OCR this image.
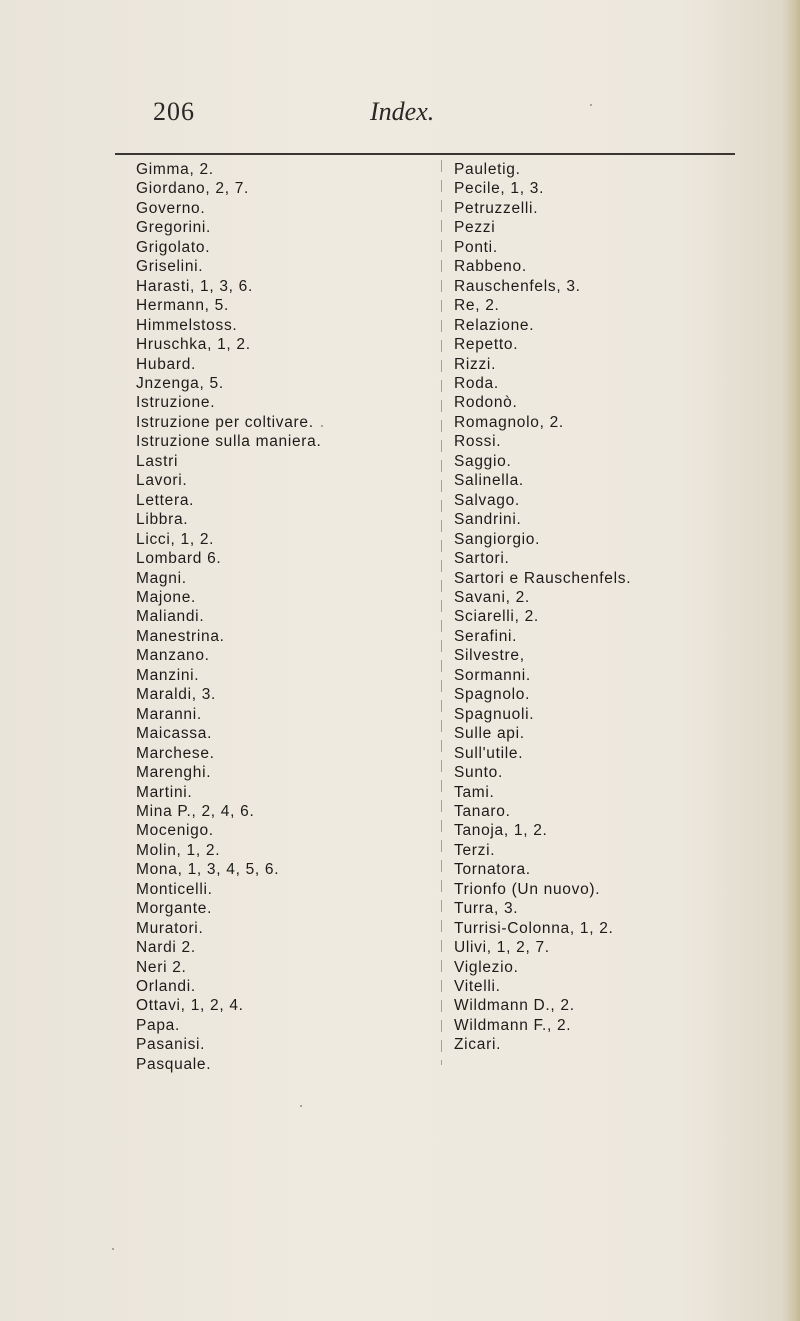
206	Index.
Gimma, 2.
Giordano, 2, 7.
Governo.
Gregorini.
Grigolato.
Griselini.
Harasti, 1, 3, 6.
Hermann, 5.
Himmelstoss.
Hruschka, 1, 2.
Hubard.
Jnzenga, 5.
Istruzione.
Istruzione per coltivare.
Istruzione sulla maniera.
Lastri
Lavori.
Lettera.
Libbra.
Licci, 1, 2.
Lombard 6.
Magni.
Majone.
Maliandi.
Manestrina.
Manzano.
Manzini.
Maraldi, 3.
Maranni.
Maicassa.
Marchese.
Marenghi.
Martini.
Mina P., 2, 4, 6.
Mocenigo.
Molin, 1, 2.
Mona, 1, 3, 4, 5, 6.
Monticelli.
Morgante.
Muratori.
Nardi 2.
Neri 2.
Orlandi.
Ottavi, 1, 2, 4.
Papa.
Pasanisi.
Pasquale.
Pauletig.
Pecile, 1, 3.
Petruzzelli.
Pezzi
Ponti.
Rabbeno.
Rauschenfels, 3.
Re, 2.
Relazione.
Repetto.
Rizzi.
Roda.
Rodonò.
Romagnolo, 2.
Rossi.
Saggio.
Salinella.
Salvago.
Sandrini.
Sangiorgio.
Sartori.
Sartori e Rauschenfels.
Savani, 2.
Sciarelli, 2.
Serafini.
Silvestre,
Sormanni.
Spagnolo.
Spagnuoli.
Sulle api.
Sull'utile.
Sunto.
Tami.
Tanaro.
Tanoja, 1, 2.
Terzi.
Tornatora.
Trionfo (Un nuovo).
Turra, 3.
Turrisi-Colonna, 1, 2.
Ulivi, 1, 2, 7.
Viglezio.
Vitelli.
Wildmann D., 2.
Wildmann F., 2.
Zicari.
